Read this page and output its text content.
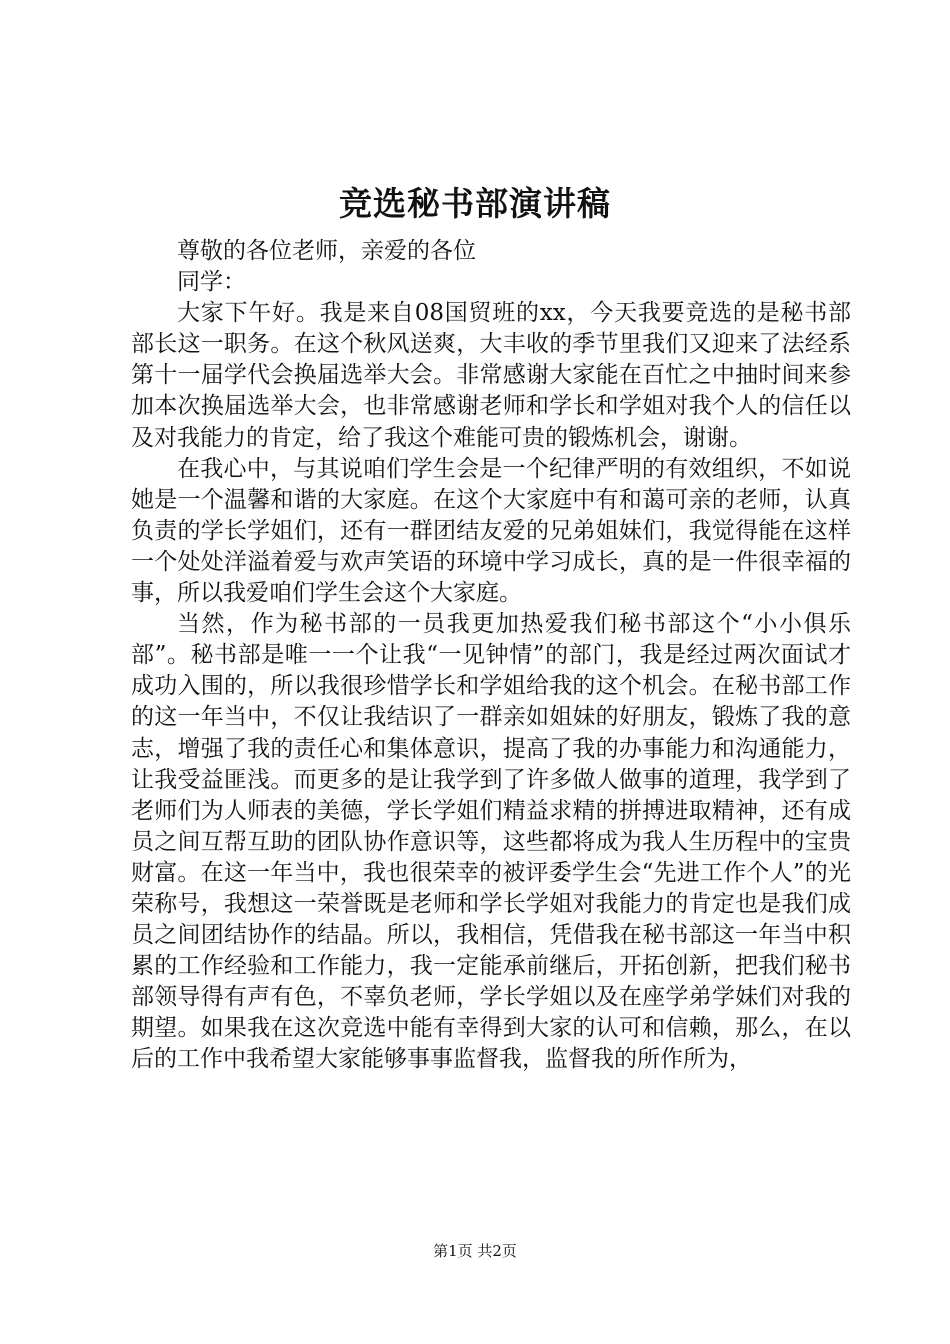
竞选秘书部演讲稿

尊敬的各位老师，亲爱的各位

同学：

大家下午好。我是来自08国贸班的xx，今天我要竞选的是秘书部部长这一职务。在这个秋风送爽，大丰收的季节里我们又迎来了法经系第十一届学代会换届选举大会。非常感谢大家能在百忙之中抽时间来参加本次换届选举大会，也非常感谢老师和学长和学姐对我个人的信任以及对我能力的肯定，给了我这个难能可贵的锻炼机会，谢谢。

在我心中，与其说咱们学生会是一个纪律严明的有效组织，不如说她是一个温馨和谐的大家庭。在这个大家庭中有和蔼可亲的老师，认真负责的学长学姐们，还有一群团结友爱的兄弟姐妹们，我觉得能在这样一个处处洋溢着爱与欢声笑语的环境中学习成长，真的是一件很幸福的事，所以我爱咱们学生会这个大家庭。

当然，作为秘书部的一员我更加热爱我们秘书部这个“小小俱乐部”。秘书部是唯一一个让我“一见钟情”的部门，我是经过两次面试才成功入围的，所以我很珍惜学长和学姐给我的这个机会。在秘书部工作的这一年当中，不仅让我结识了一群亲如姐妹的好朋友，锻炼了我的意志，增强了我的责任心和集体意识，提高了我的办事能力和沟通能力，让我受益匪浅。而更多的是让我学到了许多做人做事的道理，我学到了老师们为人师表的美德，学长学姐们精益求精的拼搏进取精神，还有成员之间互帮互助的团队协作意识等，这些都将成为我人生历程中的宝贵财富。在这一年当中，我也很荣幸的被评委学生会“先进工作个人”的光荣称号，我想这一荣誉既是老师和学长学姐对我能力的肯定也是我们成员之间团结协作的结晶。所以，我相信，凭借我在秘书部这一年当中积累的工作经验和工作能力，我一定能承前继后，开拓创新，把我们秘书部领导得有声有色，不辜负老师，学长学姐以及在座学弟学妹们对我的期望。如果我在这次竞选中能有幸得到大家的认可和信赖，那么，在以后的工作中我希望大家能够事事监督我，监督我的所作所为，

第1页 共2页
